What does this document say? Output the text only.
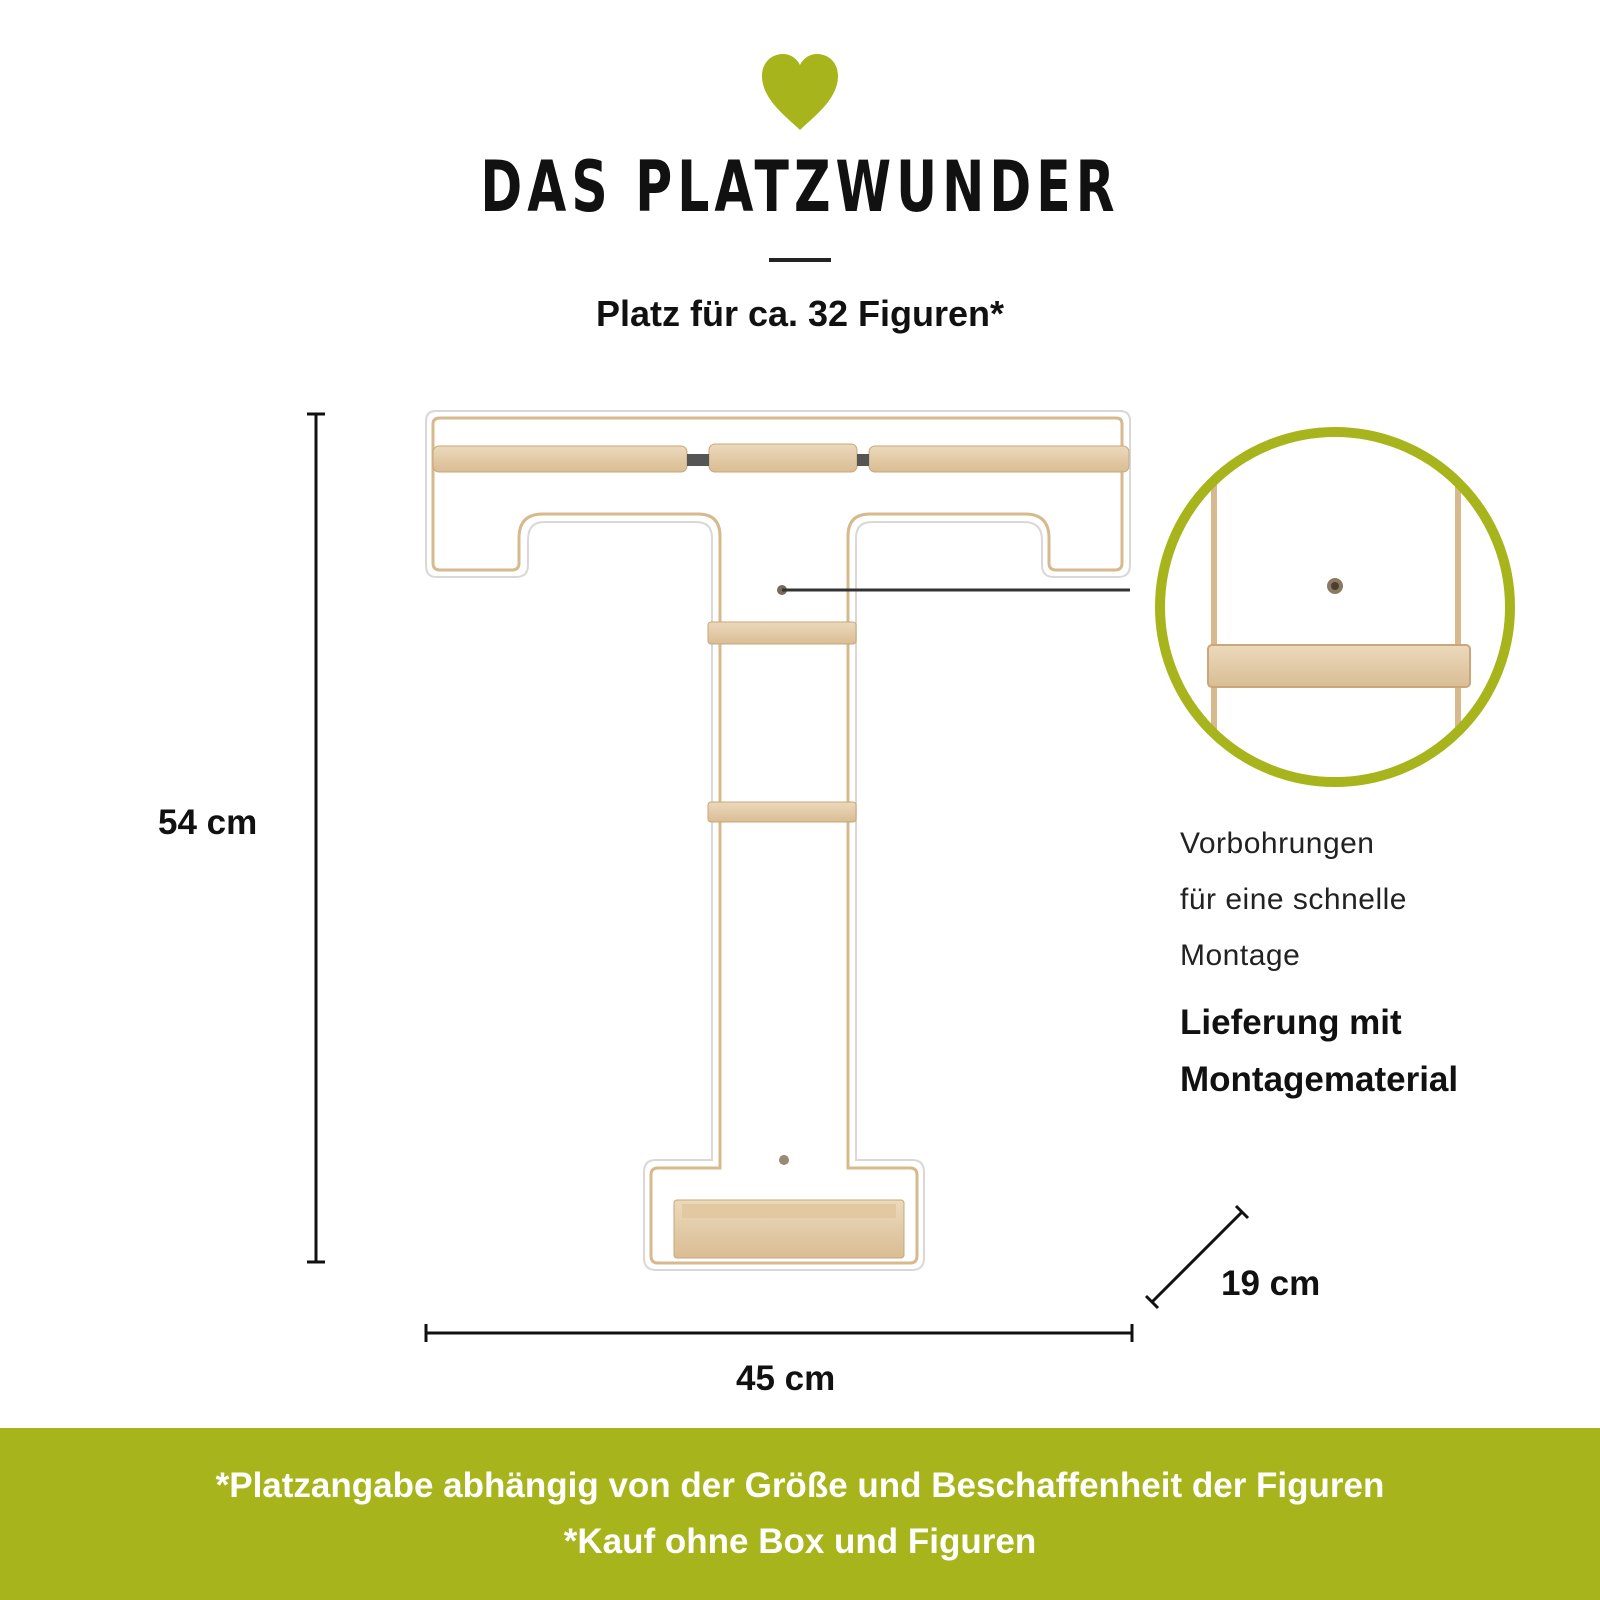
DAS PLATZWUNDER
Platz für ca. 32 Figuren*
54 cm
45 cm
19 cm
Vorbohrungen
für eine schnelle
Montage
Lieferung mit
Montagematerial
*Platzangabe abhängig von der Größe und Beschaffenheit der Figuren
*Kauf ohne Box und Figuren
